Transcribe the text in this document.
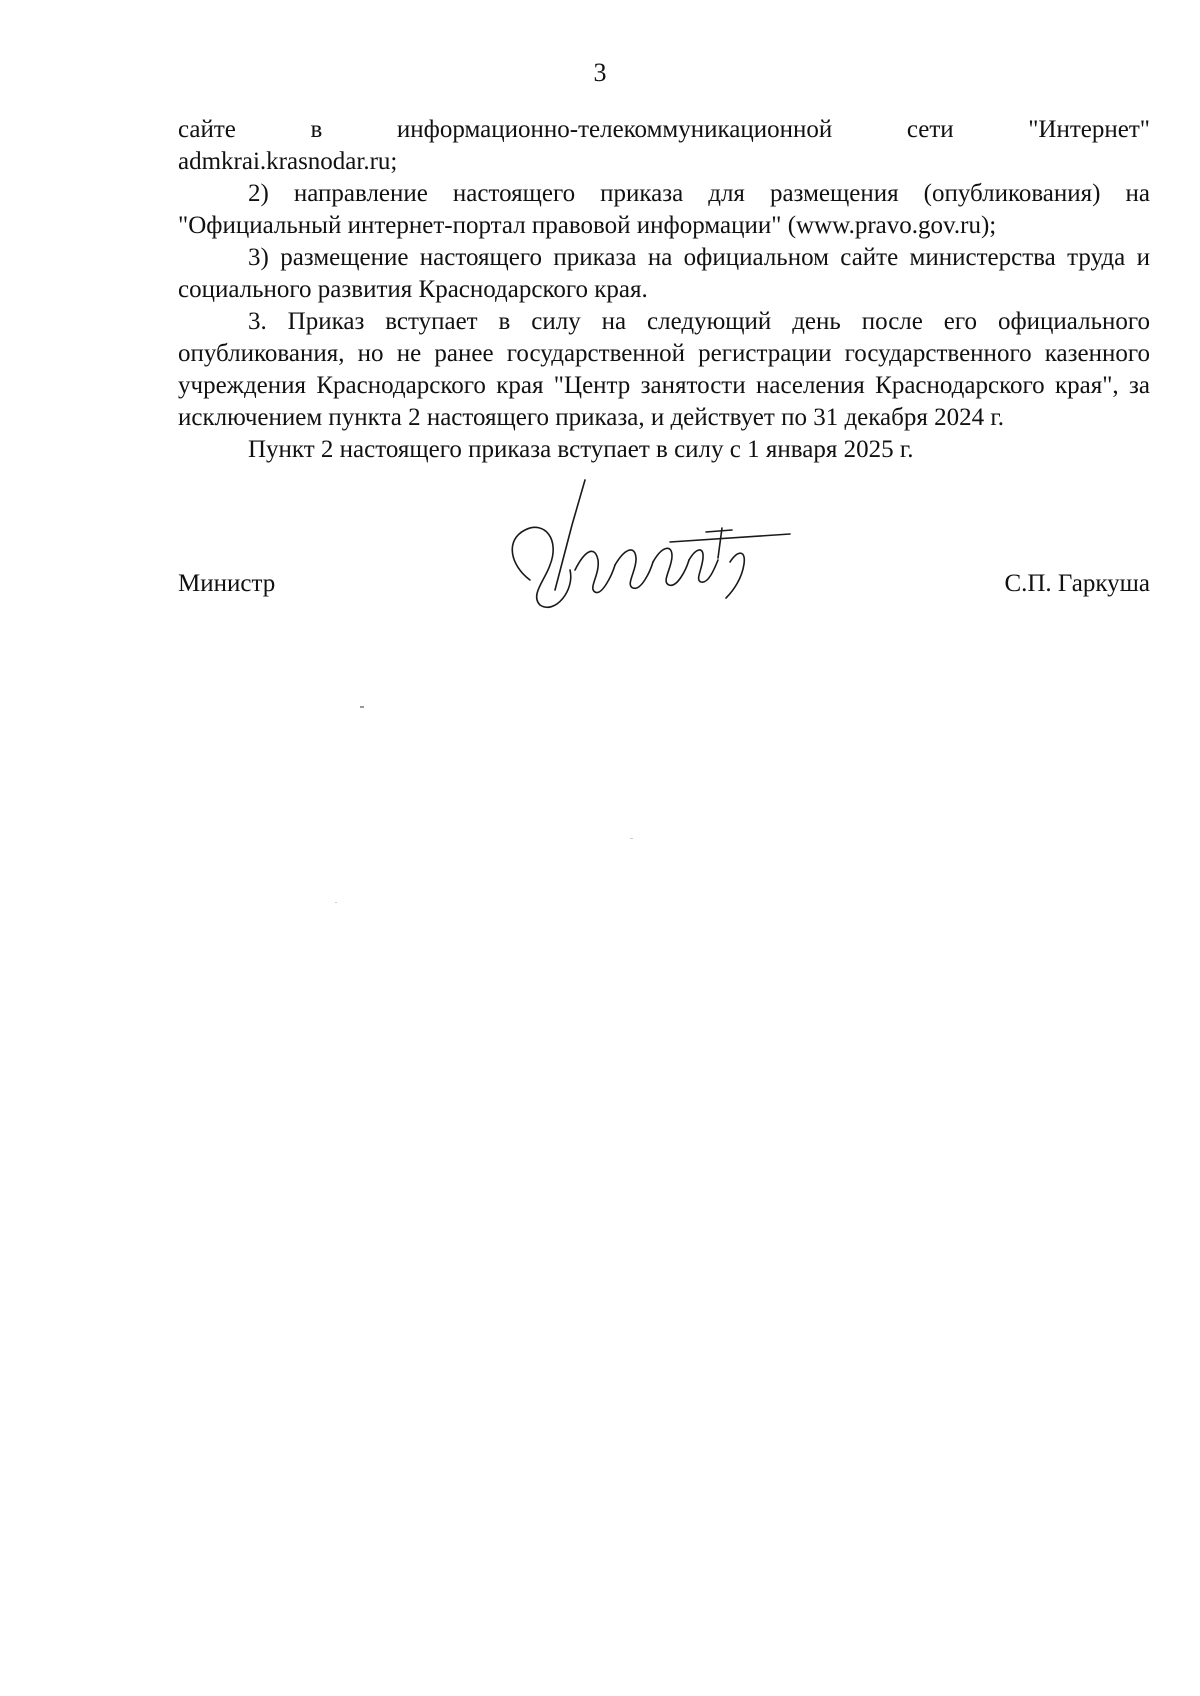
3

сайте в информационно-телекоммуникационной сети "Интернет"
admkrai.krasnodar.ru;

2) направление настоящего приказа для размещения (опубликования) на "Официальный интернет-портал правовой информации" (www.pravo.gov.ru);

3) размещение настоящего приказа на официальном сайте министерства труда и социального развития Краснодарского края.

3. Приказ вступает в силу на следующий день после его официального опубликования, но не ранее государственной регистрации государственного казенного учреждения Краснодарского края "Центр занятости населения Краснодарского края", за исключением пункта 2 настоящего приказа, и действует по 31 декабря 2024 г.

Пункт 2 настоящего приказа вступает в силу с 1 января 2025 г.

Министр	С.П. Гаркуша
